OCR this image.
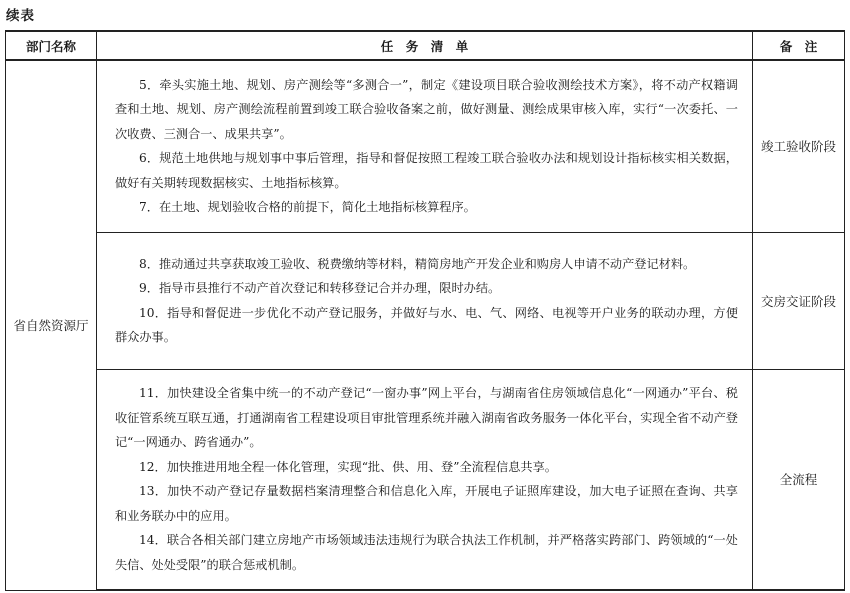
续表
部门名称	任　务　清　单	备　注
省自然资源厅	5．牵头实施土地、规划、房产测绘等“多测合一”，制定《建设项目联合验收测绘技术方案》，将不动产权籍调查和土地、规划、房产测绘流程前置到竣工联合验收备案之前，做好测量、测绘成果审核入库，实行“一次委托、一次收费、三测合一、成果共享”。

6．规范土地供地与规划事中事后管理，指导和督促按照工程竣工联合验收办法和规划设计指标核实相关数据，做好有关期转现数据核实、土地指标核算。

7．在土地、规划验收合格的前提下，简化土地指标核算程序。	竣工验收阶段

	8．推动通过共享获取竣工验收、税费缴纳等材料，精简房地产开发企业和购房人申请不动产登记材料。

9．指导市县推行不动产首次登记和转移登记合并办理，限时办结。

10．指导和督促进一步优化不动产登记服务，并做好与水、电、气、网络、电视等开户业务的联动办理，方便群众办事。	交房交证阶段

	11．加快建设全省集中统一的不动产登记“一窗办事”网上平台，与湖南省住房领域信息化“一网通办”平台、税收征管系统互联互通，打通湖南省工程建设项目审批管理系统并融入湖南省政务服务一体化平台，实现全省不动产登记“一网通办、跨省通办”。

12．加快推进用地全程一体化管理，实现“批、供、用、登”全流程信息共享。

13．加快不动产登记存量数据档案清理整合和信息化入库，开展电子证照库建设，加大电子证照在查询、共享和业务联办中的应用。

14．联合各相关部门建立房地产市场领域违法违规行为联合执法工作机制，并严格落实跨部门、跨领域的“一处失信、处处受限”的联合惩戒机制。	全流程
